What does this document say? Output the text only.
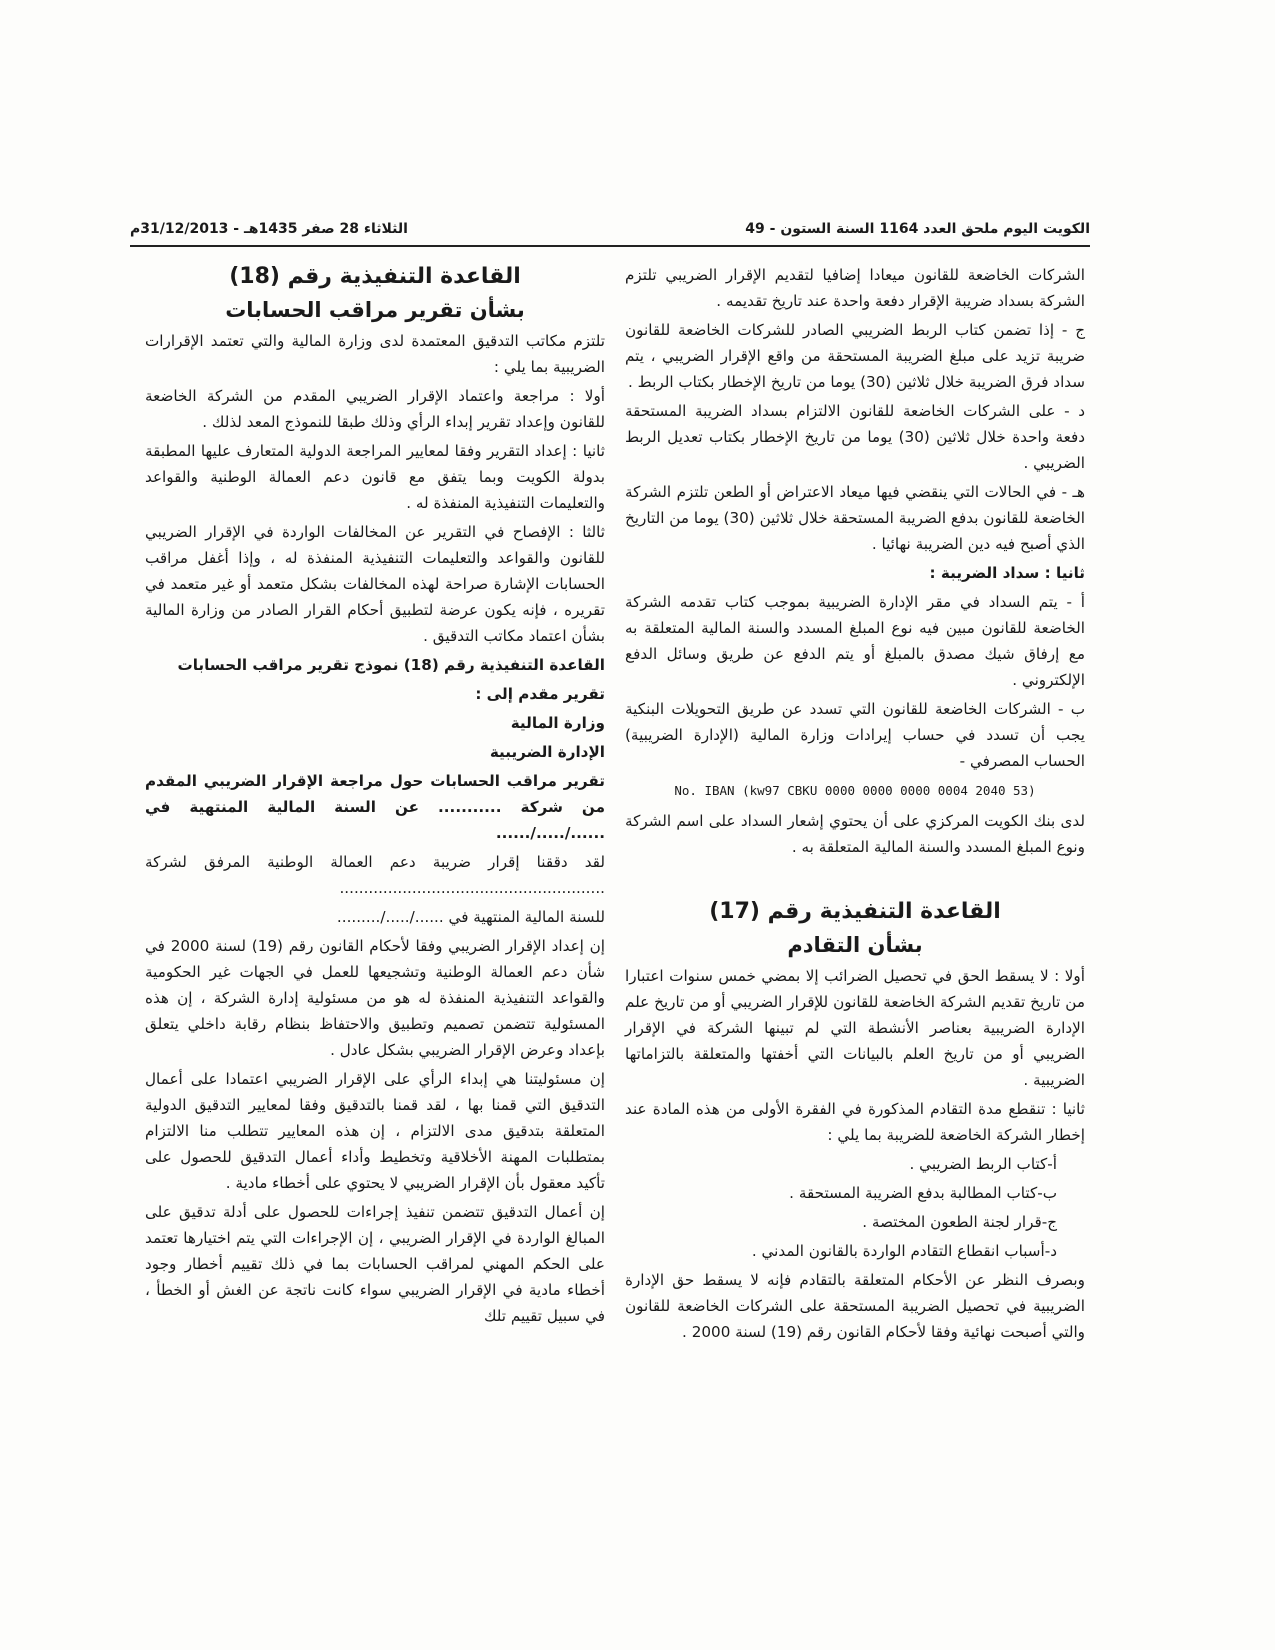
الكويت اليوم ملحق العدد 1164 السنة الستون - 49
الثلاثاء 28 صفر 1435هـ - 31/12/2013م

الشركات الخاضعة للقانون ميعادا إضافيا لتقديم الإقرار الضريبي تلتزم الشركة بسداد ضريبة الإقرار دفعة واحدة عند تاريخ تقديمه .

ج - إذا تضمن كتاب الربط الضريبي الصادر للشركات الخاضعة للقانون ضريبة تزيد على مبلغ الضريبة المستحقة من واقع الإقرار الضريبي ، يتم سداد فرق الضريبة خلال ثلاثين (30) يوما من تاريخ الإخطار بكتاب الربط .

د - على الشركات الخاضعة للقانون الالتزام بسداد الضريبة المستحقة دفعة واحدة خلال ثلاثين (30) يوما من تاريخ الإخطار بكتاب تعديل الربط الضريبي .

هـ - في الحالات التي ينقضي فيها ميعاد الاعتراض أو الطعن تلتزم الشركة الخاضعة للقانون بدفع الضريبة المستحقة خلال ثلاثين (30) يوما من التاريخ الذي أصبح فيه دين الضريبة نهائيا .

ثانيا : سداد الضريبة :

أ - يتم السداد في مقر الإدارة الضريبية بموجب كتاب تقدمه الشركة الخاضعة للقانون مبين فيه نوع المبلغ المسدد والسنة المالية المتعلقة به مع إرفاق شيك مصدق بالمبلغ أو يتم الدفع عن طريق وسائل الدفع الإلكتروني .

ب - الشركات الخاضعة للقانون التي تسدد عن طريق التحويلات البنكية يجب أن تسدد في حساب إيرادات وزارة المالية (الإدارة الضريبية) الحساب المصرفي -

No. IBAN (kw97 CBKU 0000 0000 0000 0004 2040 53)

لدى بنك الكويت المركزي على أن يحتوي إشعار السداد على اسم الشركة ونوع المبلغ المسدد والسنة المالية المتعلقة به .

القاعدة التنفيذية رقم (17)

بشأن التقادم

أولا : لا يسقط الحق في تحصيل الضرائب إلا بمضي خمس سنوات اعتبارا من تاريخ تقديم الشركة الخاضعة للقانون للإقرار الضريبي أو من تاريخ علم الإدارة الضريبية بعناصر الأنشطة التي لم تبينها الشركة في الإقرار الضريبي أو من تاريخ العلم بالبيانات التي أخفتها والمتعلقة بالتزاماتها الضريبية .

ثانيا : تنقطع مدة التقادم المذكورة في الفقرة الأولى من هذه المادة عند إخطار الشركة الخاضعة للضريبة بما يلي :

أ-كتاب الربط الضريبي .

ب-كتاب المطالبة بدفع الضريبة المستحقة .

ج-قرار لجنة الطعون المختصة .

د-أسباب انقطاع التقادم الواردة بالقانون المدني .

وبصرف النظر عن الأحكام المتعلقة بالتقادم فإنه لا يسقط حق الإدارة الضريبية في تحصيل الضريبة المستحقة على الشركات الخاضعة للقانون والتي أصبحت نهائية وفقا لأحكام القانون رقم (19) لسنة 2000 .

القاعدة التنفيذية رقم (18)

بشأن تقرير مراقب الحسابات

تلتزم مكاتب التدقيق المعتمدة لدى وزارة المالية والتي تعتمد الإقرارات الضريبية بما يلي :

أولا : مراجعة واعتماد الإقرار الضريبي المقدم من الشركة الخاضعة للقانون وإعداد تقرير إبداء الرأي وذلك طبقا للنموذج المعد لذلك .

ثانيا : إعداد التقرير وفقا لمعايير المراجعة الدولية المتعارف عليها المطبقة بدولة الكويت وبما يتفق مع قانون دعم العمالة الوطنية والقواعد والتعليمات التنفيذية المنفذة له .

ثالثا : الإفصاح في التقرير عن المخالفات الواردة في الإقرار الضريبي للقانون والقواعد والتعليمات التنفيذية المنفذة له ، وإذا أغفل مراقب الحسابات الإشارة صراحة لهذه المخالفات بشكل متعمد أو غير متعمد في تقريره ، فإنه يكون عرضة لتطبيق أحكام القرار الصادر من وزارة المالية بشأن اعتماد مكاتب التدقيق .

القاعدة التنفيذية رقم (18) نموذج تقرير مراقب الحسابات

تقرير مقدم إلى :

وزارة المالية

الإدارة الضريبية

تقرير مراقب الحسابات حول مراجعة الإقرار الضريبي المقدم من شركة ........... عن السنة المالية المنتهية في ....../...../......

لقد دققنا إقرار ضريبة دعم العمالة الوطنية المرفق لشركة .......................................................

للسنة المالية المنتهية في ....../...../.........

إن إعداد الإقرار الضريبي وفقا لأحكام القانون رقم (19) لسنة 2000 في شأن دعم العمالة الوطنية وتشجيعها للعمل في الجهات غير الحكومية والقواعد التنفيذية المنفذة له هو من مسئولية إدارة الشركة ، إن هذه المسئولية تتضمن تصميم وتطبيق والاحتفاظ بنظام رقابة داخلي يتعلق بإعداد وعرض الإقرار الضريبي بشكل عادل .

إن مسئوليتنا هي إبداء الرأي على الإقرار الضريبي اعتمادا على أعمال التدقيق التي قمنا بها ، لقد قمنا بالتدقيق وفقا لمعايير التدقيق الدولية المتعلقة بتدقيق مدى الالتزام ، إن هذه المعايير تتطلب منا الالتزام بمتطلبات المهنة الأخلاقية وتخطيط وأداء أعمال التدقيق للحصول على تأكيد معقول بأن الإقرار الضريبي لا يحتوي على أخطاء مادية .

إن أعمال التدقيق تتضمن تنفيذ إجراءات للحصول على أدلة تدقيق على المبالغ الواردة في الإقرار الضريبي ، إن الإجراءات التي يتم اختيارها تعتمد على الحكم المهني لمراقب الحسابات بما في ذلك تقييم أخطار وجود أخطاء مادية في الإقرار الضريبي سواء كانت ناتجة عن الغش أو الخطأ ، في سبيل تقييم تلك
